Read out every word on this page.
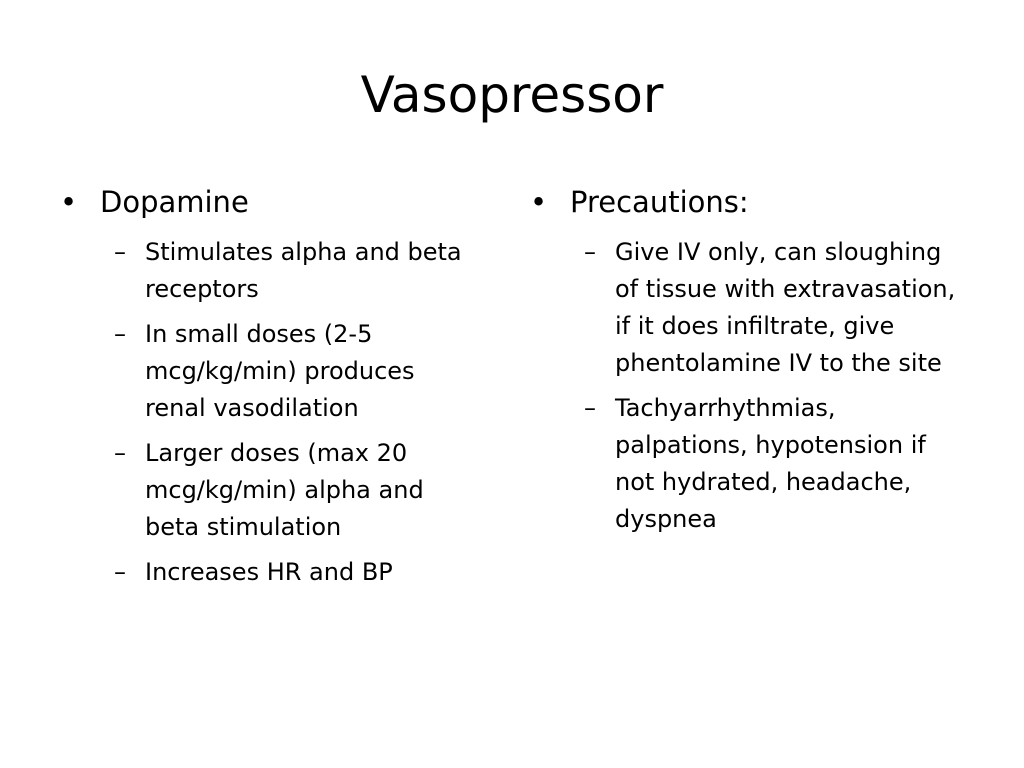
Vasopressor
• Dopamine
– Stimulates alpha and beta receptors
– In small doses (2-5 mcg/kg/min) produces renal vasodilation
– Larger doses (max 20 mcg/kg/min) alpha and beta stimulation
– Increases HR and BP
• Precautions:
– Give IV only, can sloughing of tissue with extravasation, if it does infiltrate, give phentolamine IV to the site
– Tachyarrhythmias, palpations, hypotension if not hydrated, headache, dyspnea
